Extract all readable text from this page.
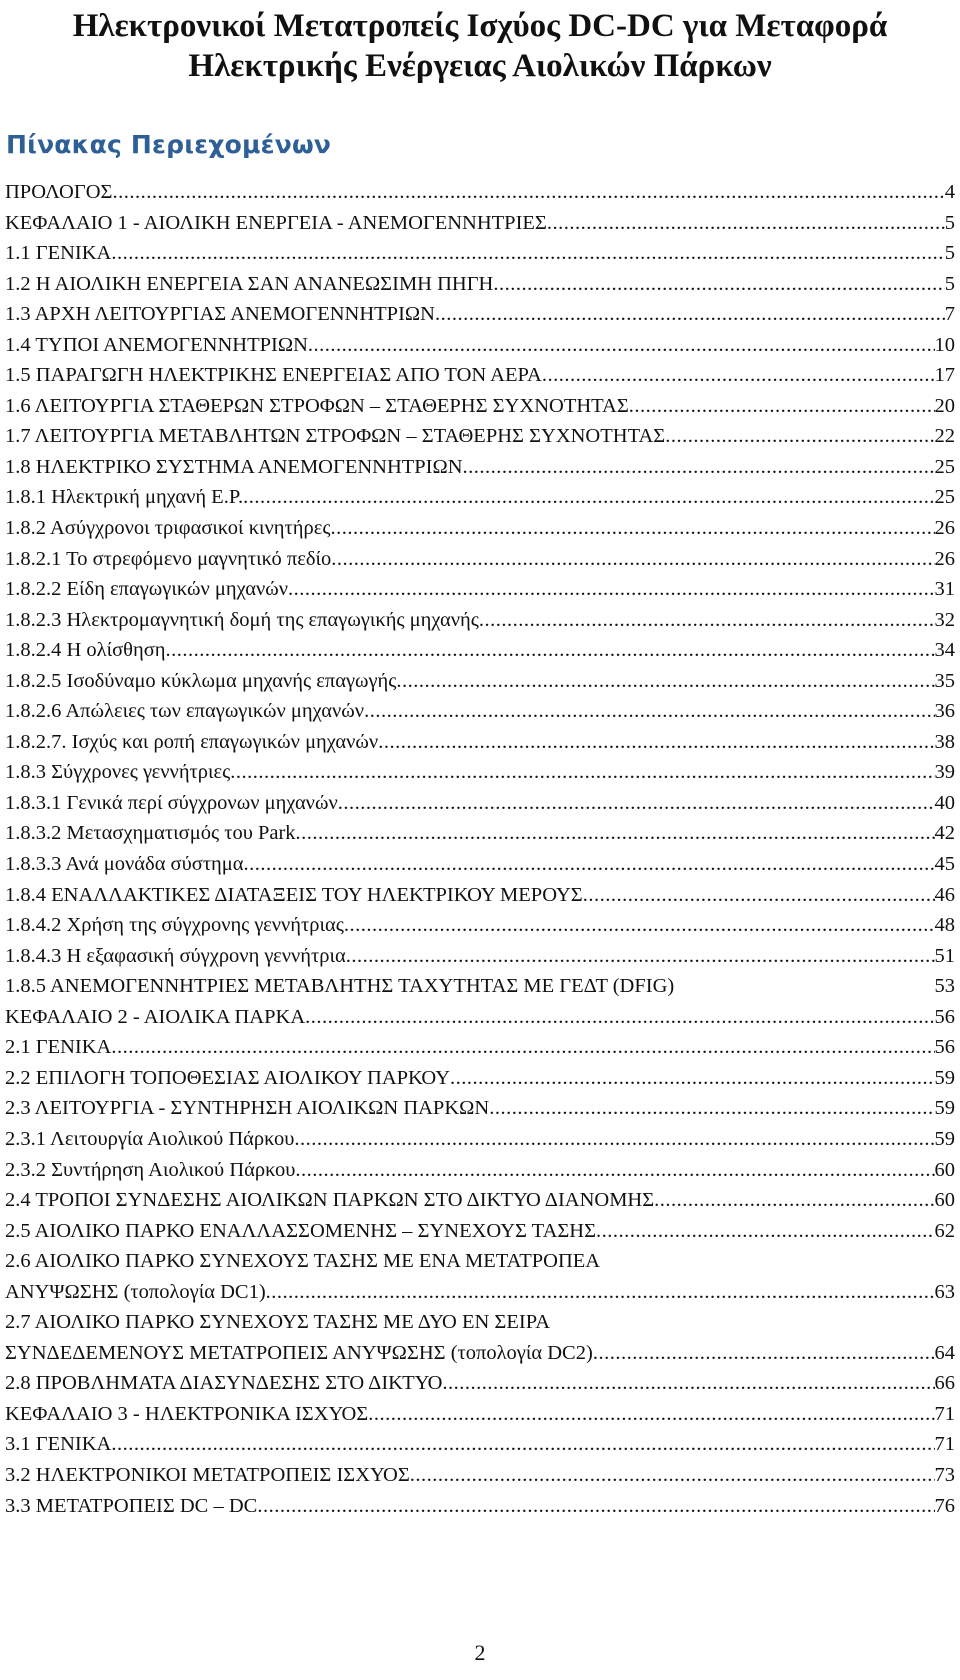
Ηλεκτρονικοί Μετατροπείς Ισχύος DC-DC για Μεταφορά
Ηλεκτρικής Ενέργειας Αιολικών Πάρκων
Πίνακας Περιεχομένων
ΠΡΟΛΟΓΟΣ .....	4
ΚΕΦΑΛΑΙΟ 1 - ΑΙΟΛΙΚΗ ΕΝΕΡΓΕΙΑ - ΑΝΕΜΟΓΕΝΝΗΤΡΙΕΣ .....	5
1.1 ΓΕΝΙΚΑ .....	5
1.2 Η ΑΙΟΛΙΚΗ ΕΝΕΡΓΕΙΑ ΣΑΝ ΑΝΑΝΕΩΣΙΜΗ ΠΗΓΗ .....	5
1.3 ΑΡΧΗ ΛΕΙΤΟΥΡΓΙΑΣ ΑΝΕΜΟΓΕΝΝΗΤΡΙΩΝ .....	7
1.4 ΤΥΠΟΙ ΑΝΕΜΟΓΕΝΝΗΤΡΙΩΝ .....	10
1.5 ΠΑΡΑΓΩΓΗ ΗΛΕΚΤΡΙΚΗΣ ΕΝΕΡΓΕΙΑΣ ΑΠΟ ΤΟΝ ΑΕΡΑ .....	17
1.6 ΛΕΙΤΟΥΡΓΙΑ ΣΤΑΘΕΡΩΝ ΣΤΡΟΦΩΝ – ΣΤΑΘΕΡΗΣ ΣΥΧΝΟΤΗΤΑΣ .....	20
1.7 ΛΕΙΤΟΥΡΓΙΑ ΜΕΤΑΒΛΗΤΩΝ ΣΤΡΟΦΩΝ – ΣΤΑΘΕΡΗΣ ΣΥΧΝΟΤΗΤΑΣ .....	22
1.8 ΗΛΕΚΤΡΙΚΟ ΣΥΣΤΗΜΑ ΑΝΕΜΟΓΕΝΝΗΤΡΙΩΝ .....	25
1.8.1 Ηλεκτρική μηχανή Ε.Ρ. .....	25
1.8.2 Ασύγχρονοι τριφασικοί κινητήρες .....	26
1.8.2.1 Το στρεφόμενο μαγνητικό πεδίο .....	26
1.8.2.2 Είδη επαγωγικών μηχανών .....	31
1.8.2.3 Ηλεκτρομαγνητική δομή της επαγωγικής μηχανής .....	32
1.8.2.4 Η ολίσθηση .....	34
1.8.2.5 Ισοδύναμο κύκλωμα μηχανής επαγωγής .....	35
1.8.2.6 Απώλειες των επαγωγικών μηχανών .....	36
1.8.2.7. Ισχύς και ροπή επαγωγικών μηχανών .....	38
1.8.3 Σύγχρονες γεννήτριες .....	39
1.8.3.1 Γενικά περί σύγχρονων μηχανών .....	40
1.8.3.2 Μετασχηματισμός του Park .....	42
1.8.3.3 Ανά μονάδα σύστημα .....	45
1.8.4 ΕΝΑΛΛΑΚΤΙΚΕΣ ΔΙΑΤΑΞΕΙΣ ΤΟΥ ΗΛΕΚΤΡΙΚΟΥ ΜΕΡΟΥΣ .....	46
1.8.4.2 Χρήση της σύγχρονης γεννήτριας .....	48
1.8.4.3 Η εξαφασική σύγχρονη γεννήτρια .....	51
1.8.5 ΑΝΕΜΟΓΕΝΝΗΤΡΙΕΣ ΜΕΤΑΒΛΗΤΗΣ ΤΑΧΥΤΗΤΑΣ ΜΕ ΓΕΔΤ (DFIG)	53
ΚΕΦΑΛΑΙΟ 2 - ΑΙΟΛΙΚΑ ΠΑΡΚΑ .....	56
2.1 ΓΕΝΙΚΑ .....	56
2.2 ΕΠΙΛΟΓΗ ΤΟΠΟΘΕΣΙΑΣ ΑΙΟΛΙΚΟΥ ΠΑΡΚΟΥ .....	59
2.3 ΛΕΙΤΟΥΡΓΙΑ - ΣΥΝΤΗΡΗΣΗ ΑΙΟΛΙΚΩΝ ΠΑΡΚΩΝ .....	59
2.3.1 Λειτουργία Αιολικού Πάρκου .....	59
2.3.2 Συντήρηση Αιολικού Πάρκου .....	60
2.4 ΤΡΟΠΟΙ ΣΥΝΔΕΣΗΣ ΑΙΟΛΙΚΩΝ ΠΑΡΚΩΝ ΣΤΟ ΔΙΚΤΥΟ ΔΙΑΝΟΜΗΣ .....	60
2.5 ΑΙΟΛΙΚΟ ΠΑΡΚΟ ΕΝΑΛΛΑΣΣΟΜΕΝΗΣ – ΣΥΝΕΧΟΥΣ ΤΑΣΗΣ .....	62
2.6 ΑΙΟΛΙΚΟ ΠΑΡΚΟ ΣΥΝΕΧΟΥΣ ΤΑΣΗΣ ΜΕ ΕΝΑ ΜΕΤΑΤΡΟΠΕΑ
ΑΝΥΨΩΣΗΣ (τοπολογία DC1) .....	63
2.7 ΑΙΟΛΙΚΟ ΠΑΡΚΟ ΣΥΝΕΧΟΥΣ ΤΑΣΗΣ ΜΕ ΔΥΟ ΕΝ ΣΕΙΡΑ
ΣΥΝΔΕΔΕΜΕΝΟΥΣ ΜΕΤΑΤΡΟΠΕΙΣ ΑΝΥΨΩΣΗΣ (τοπολογία DC2) .....	64
2.8 ΠΡΟΒΛΗΜΑΤΑ ΔΙΑΣΥΝΔΕΣΗΣ ΣΤΟ ΔΙΚΤΥΟ .....	66
ΚΕΦΑΛΑΙΟ 3 - ΗΛΕΚΤΡΟΝΙΚΑ ΙΣΧΥΟΣ .....	71
3.1 ΓΕΝΙΚΑ .....	71
3.2 ΗΛΕΚΤΡΟΝΙΚΟΙ ΜΕΤΑΤΡΟΠΕΙΣ ΙΣΧΥΟΣ .....	73
3.3 ΜΕΤΑΤΡΟΠΕΙΣ DC – DC .....	76
2
